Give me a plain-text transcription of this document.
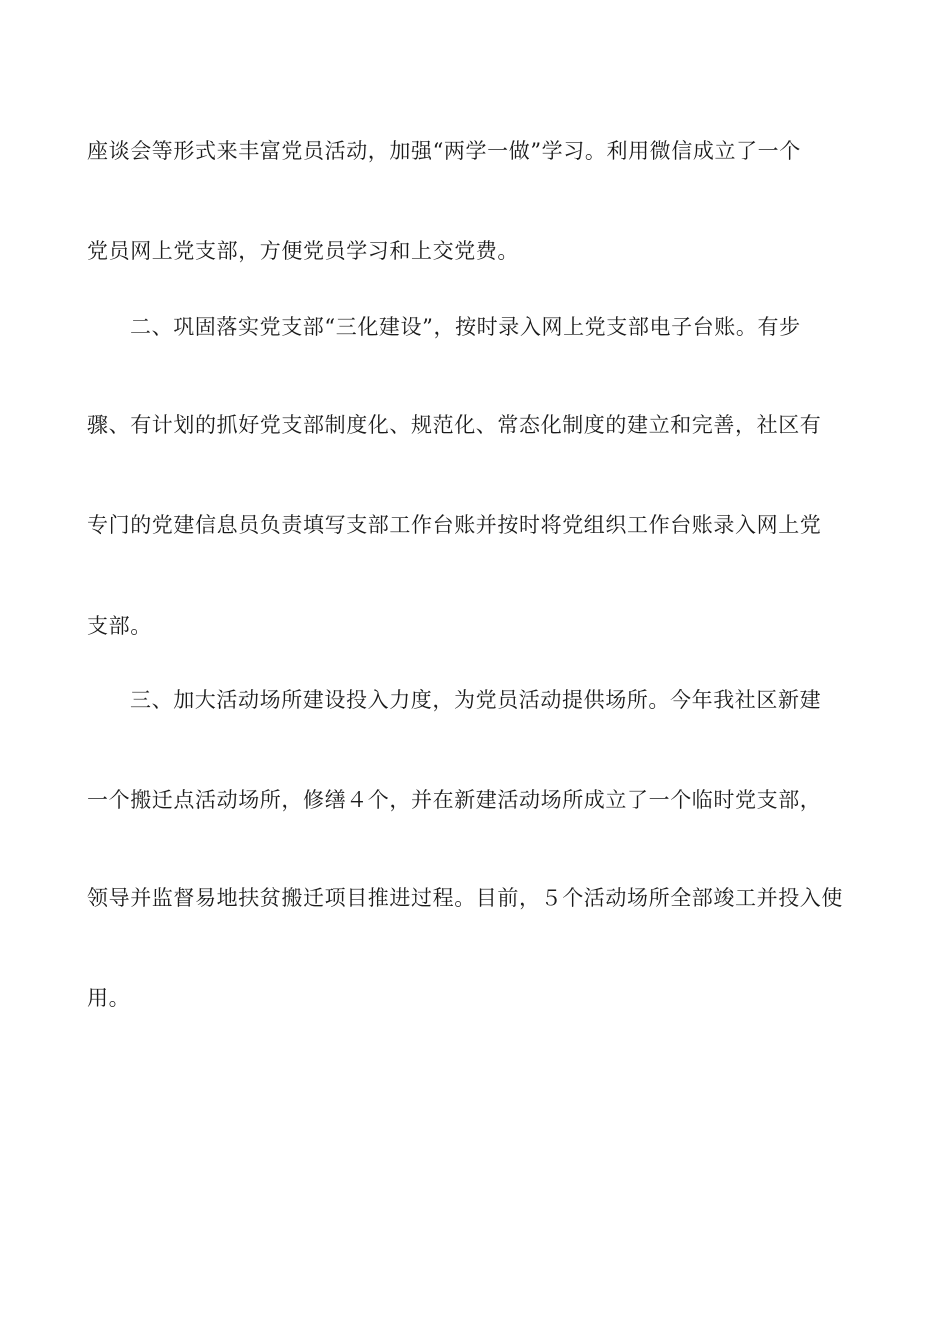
座谈会等形式来丰富党员活动，加强“两学一做”学习。利用微信成立了一个
党员网上党支部，方便党员学习和上交党费。
二、巩固落实党支部“三化建设”，按时录入网上党支部电子台账。有步
骤、有计划的抓好党支部制度化、规范化、常态化制度的建立和完善，社区有
专门的党建信息员负责填写支部工作台账并按时将党组织工作台账录入网上党
支部。
三、加大活动场所建设投入力度，为党员活动提供场所。今年我社区新建
一个搬迁点活动场所，修缮４个，并在新建活动场所成立了一个临时党支部，
领导并监督易地扶贫搬迁项目推进过程。目前，５个活动场所全部竣工并投入使
用。
